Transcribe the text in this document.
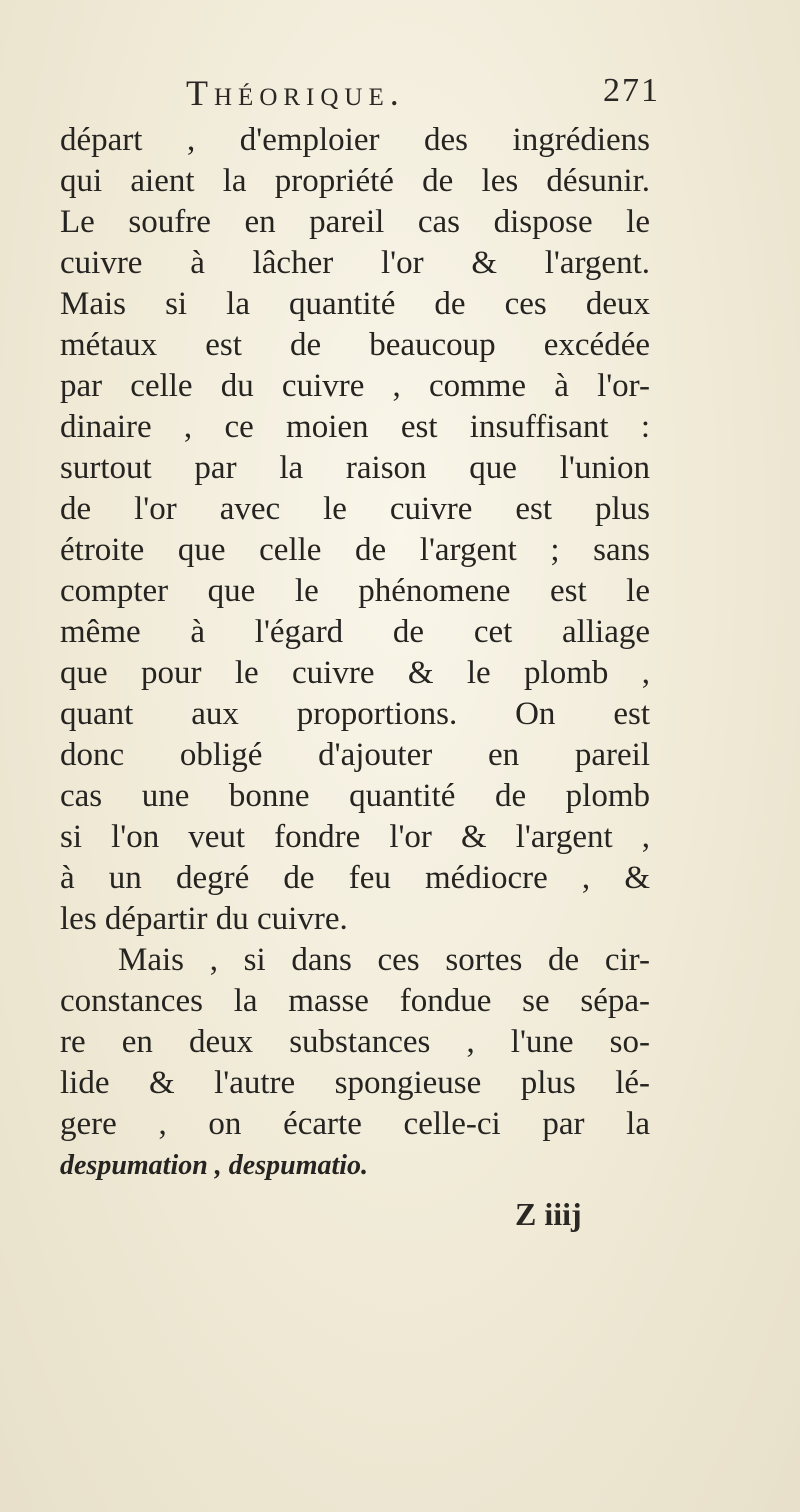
Théorique.	271
départ , d'emploier des ingrédiens
qui aient la propriété de les désunir.
Le soufre en pareil cas dispose le
cuivre à lâcher l'or & l'argent.
Mais si la quantité de ces deux
métaux est de beaucoup excédée
par celle du cuivre , comme à l'or-
dinaire , ce moien est insuffisant :
surtout par la raison que l'union
de l'or avec le cuivre est plus
étroite que celle de l'argent ; sans
compter que le phénomene est le
même à l'égard de cet alliage
que pour le cuivre & le plomb ,
quant aux proportions. On est
donc obligé d'ajouter en pareil
cas une bonne quantité de plomb
si l'on veut fondre l'or & l'argent ,
à un degré de feu médiocre , &
les départir du cuivre.
Mais , si dans ces sortes de cir-
constances la masse fondue se sépa-
re en deux substances , l'une so-
lide & l'autre spongieuse plus lé-
gere , on écarte celle-ci par la
despumation , despumatio.
Z iiij
